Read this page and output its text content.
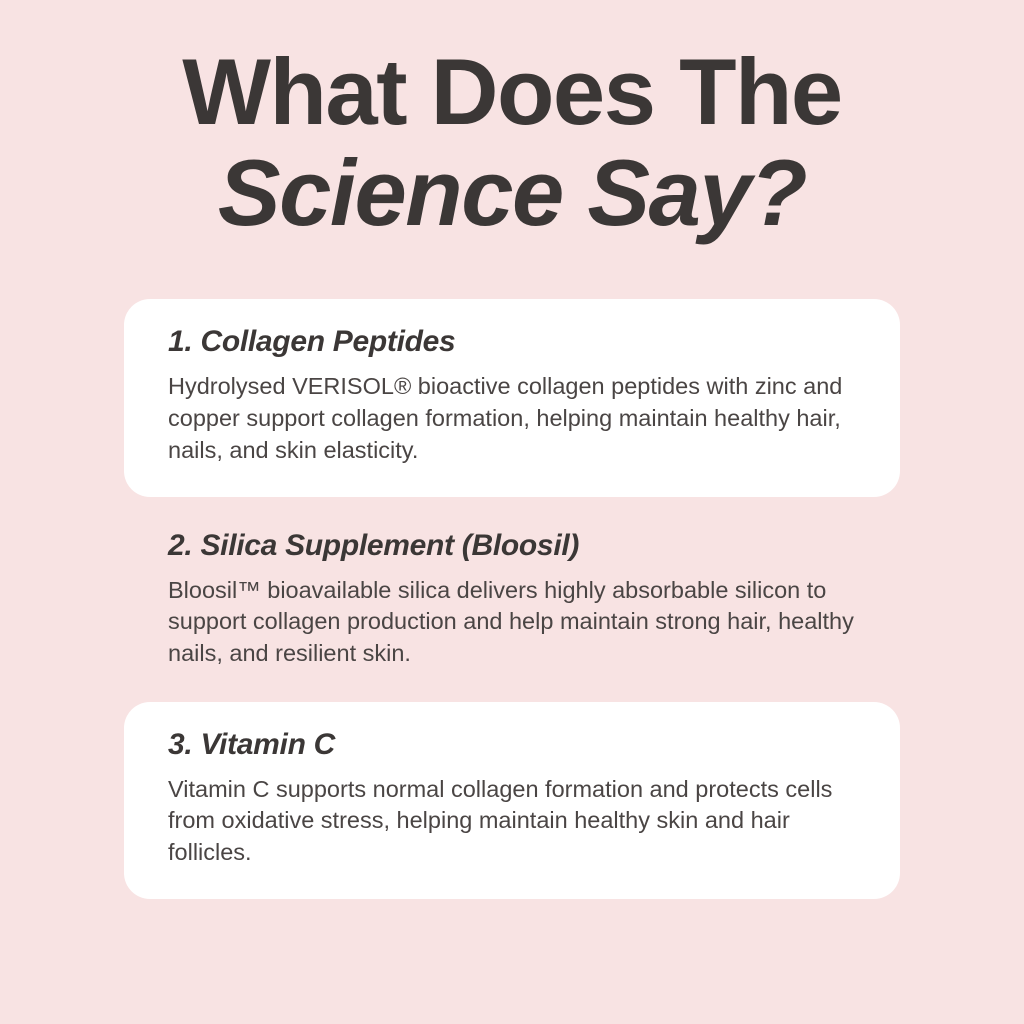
What Does The
Science Say?
1. Collagen Peptides
Hydrolysed VERISOL® bioactive collagen peptides with zinc and copper support collagen formation, helping maintain healthy hair, nails, and skin elasticity.
2. Silica Supplement (Bloosil)
Bloosil™ bioavailable silica delivers highly absorbable silicon to support collagen production and help maintain strong hair, healthy nails, and resilient skin.
3. Vitamin C
Vitamin C supports normal collagen formation and protects cells from oxidative stress, helping maintain healthy skin and hair follicles.
